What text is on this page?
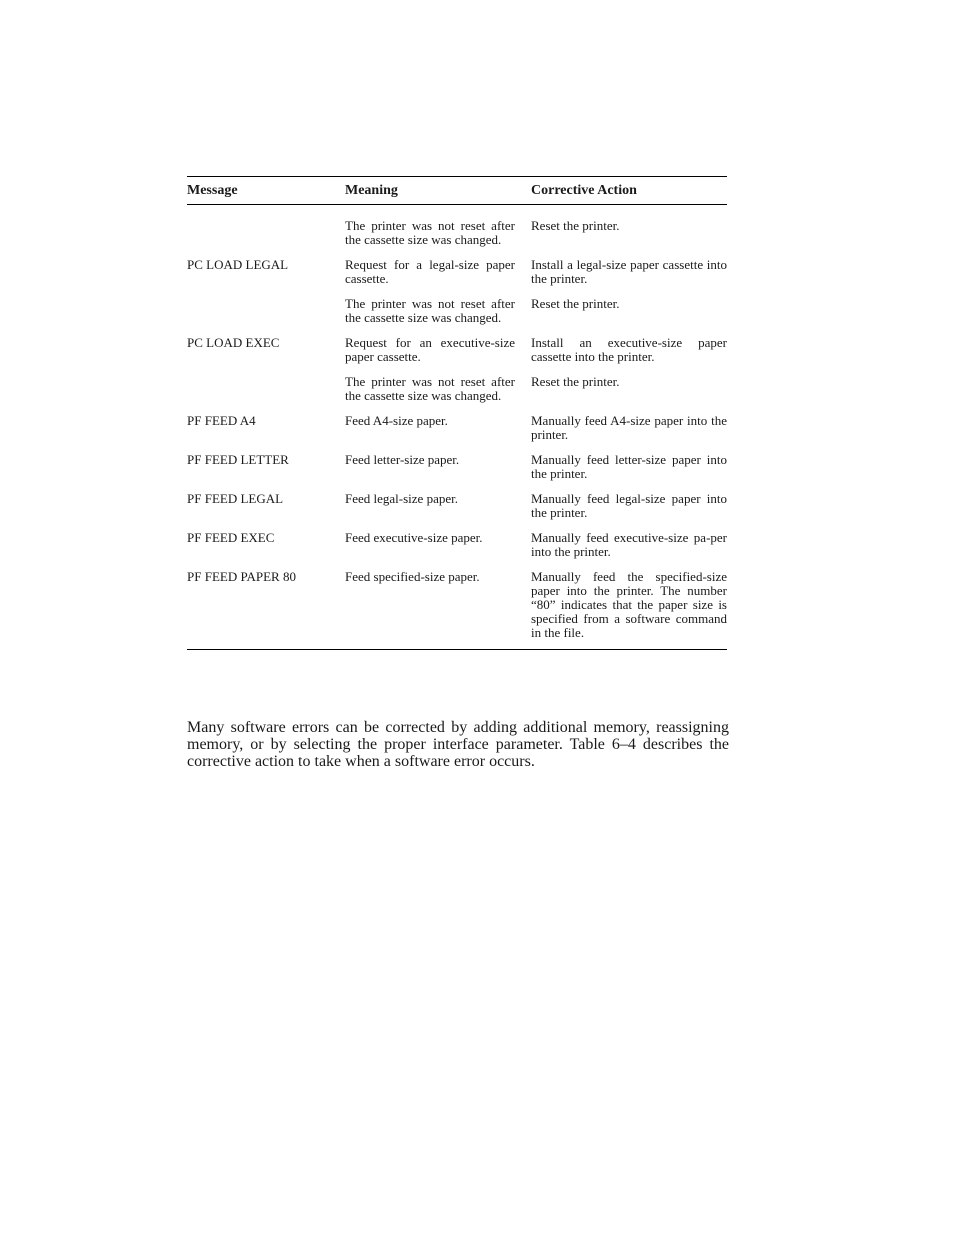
Message	Meaning	Corrective Action
	The printer was not reset after the cassette size was changed.	Reset the printer.
PC LOAD LEGAL	Request for a legal-size paper cassette.	Install a legal-size paper cassette into the printer.
	The printer was not reset after the cassette size was changed.	Reset the printer.
PC LOAD EXEC	Request for an executive-size paper cassette.	Install an executive-size paper cassette into the printer.
	The printer was not reset after the cassette size was changed.	Reset the printer.
PF FEED A4	Feed A4-size paper.	Manually feed A4-size paper into the printer.
PF FEED LETTER	Feed letter-size paper.	Manually feed letter-size paper into the printer.
PF FEED LEGAL	Feed legal-size paper.	Manually feed legal-size paper into the printer.
PF FEED EXEC	Feed executive-size paper.	Manually feed executive-size pa-per into the printer.
PF FEED PAPER 80	Feed specified-size paper.	Manually feed the specified-size paper into the printer. The number “80” indicates that the paper size is specified from a software command in the file.

Many software errors can be corrected by adding additional memory, reassigning memory, or by selecting the proper interface parameter. Table 6–4 describes the corrective action to take when a software error occurs.
